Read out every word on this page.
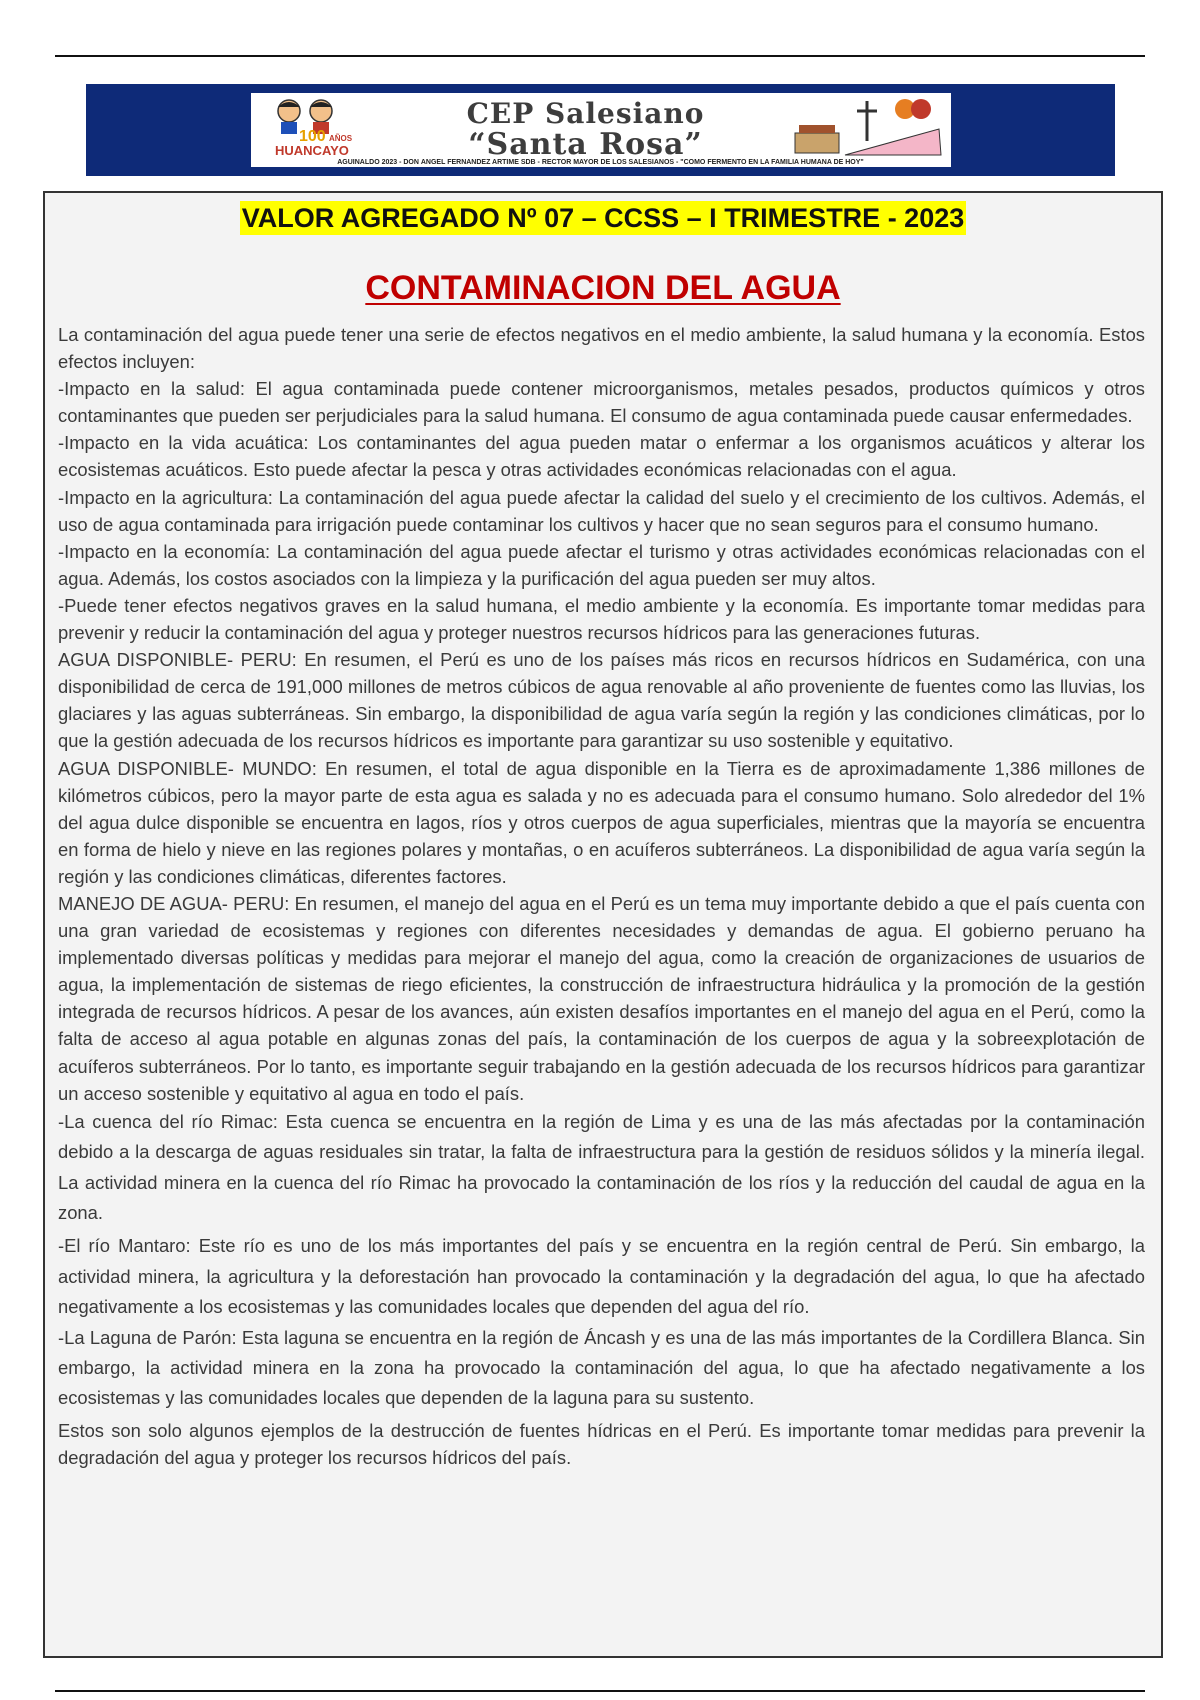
100 AÑOS
HUANCAYO
CEP Salesiano
“Santa Rosa”
AGUINALDO 2023 - DON ÁNGEL FERNÁNDEZ ARTIME SDB - RECTOR MAYOR DE LOS SALESIANOS - "COMO FERMENTO EN LA FAMILIA HUMANA DE HOY"
VALOR AGREGADO Nº 07 – CCSS – I TRIMESTRE - 2023
CONTAMINACION DEL AGUA

La contaminación del agua puede tener una serie de efectos negativos en el medio ambiente, la salud humana y la economía. Estos efectos incluyen:

-Impacto en la salud: El agua contaminada puede contener microorganismos, metales pesados, productos químicos y otros contaminantes que pueden ser perjudiciales para la salud humana. El consumo de agua contaminada puede causar enfermedades.

-Impacto en la vida acuática: Los contaminantes del agua pueden matar o enfermar a los organismos acuáticos y alterar los ecosistemas acuáticos. Esto puede afectar la pesca y otras actividades económicas relacionadas con el agua.

-Impacto en la agricultura: La contaminación del agua puede afectar la calidad del suelo y el crecimiento de los cultivos. Además, el uso de agua contaminada para irrigación puede contaminar los cultivos y hacer que no sean seguros para el consumo humano.

-Impacto en la economía: La contaminación del agua puede afectar el turismo y otras actividades económicas relacionadas con el agua. Además, los costos asociados con la limpieza y la purificación del agua pueden ser muy altos.

-Puede tener efectos negativos graves en la salud humana, el medio ambiente y la economía. Es importante tomar medidas para prevenir y reducir la contaminación del agua y proteger nuestros recursos hídricos para las generaciones futuras.

AGUA DISPONIBLE- PERU: En resumen, el Perú es uno de los países más ricos en recursos hídricos en Sudamérica, con una disponibilidad de cerca de 191,000 millones de metros cúbicos de agua renovable al año proveniente de fuentes como las lluvias, los glaciares y las aguas subterráneas. Sin embargo, la disponibilidad de agua varía según la región y las condiciones climáticas, por lo que la gestión adecuada de los recursos hídricos es importante para garantizar su uso sostenible y equitativo.

AGUA DISPONIBLE- MUNDO: En resumen, el total de agua disponible en la Tierra es de aproximadamente 1,386 millones de kilómetros cúbicos, pero la mayor parte de esta agua es salada y no es adecuada para el consumo humano. Solo alrededor del 1% del agua dulce disponible se encuentra en lagos, ríos y otros cuerpos de agua superficiales, mientras que la mayoría se encuentra en forma de hielo y nieve en las regiones polares y montañas, o en acuíferos subterráneos. La disponibilidad de agua varía según la región y las condiciones climáticas, diferentes factores.

MANEJO DE AGUA- PERU: En resumen, el manejo del agua en el Perú es un tema muy importante debido a que el país cuenta con una gran variedad de ecosistemas y regiones con diferentes necesidades y demandas de agua. El gobierno peruano ha implementado diversas políticas y medidas para mejorar el manejo del agua, como la creación de organizaciones de usuarios de agua, la implementación de sistemas de riego eficientes, la construcción de infraestructura hidráulica y la promoción de la gestión integrada de recursos hídricos. A pesar de los avances, aún existen desafíos importantes en el manejo del agua en el Perú, como la falta de acceso al agua potable en algunas zonas del país, la contaminación de los cuerpos de agua y la sobreexplotación de acuíferos subterráneos. Por lo tanto, es importante seguir trabajando en la gestión adecuada de los recursos hídricos para garantizar un acceso sostenible y equitativo al agua en todo el país.

-La cuenca del río Rimac: Esta cuenca se encuentra en la región de Lima y es una de las más afectadas por la contaminación debido a la descarga de aguas residuales sin tratar, la falta de infraestructura para la gestión de residuos sólidos y la minería ilegal. La actividad minera en la cuenca del río Rimac ha provocado la contaminación de los ríos y la reducción del caudal de agua en la zona.

-El río Mantaro: Este río es uno de los más importantes del país y se encuentra en la región central de Perú. Sin embargo, la actividad minera, la agricultura y la deforestación han provocado la contaminación y la degradación del agua, lo que ha afectado negativamente a los ecosistemas y las comunidades locales que dependen del agua del río.

-La Laguna de Parón: Esta laguna se encuentra en la región de Áncash y es una de las más importantes de la Cordillera Blanca. Sin embargo, la actividad minera en la zona ha provocado la contaminación del agua, lo que ha afectado negativamente a los ecosistemas y las comunidades locales que dependen de la laguna para su sustento.

Estos son solo algunos ejemplos de la destrucción de fuentes hídricas en el Perú. Es importante tomar medidas para prevenir la degradación del agua y proteger los recursos hídricos del país.
